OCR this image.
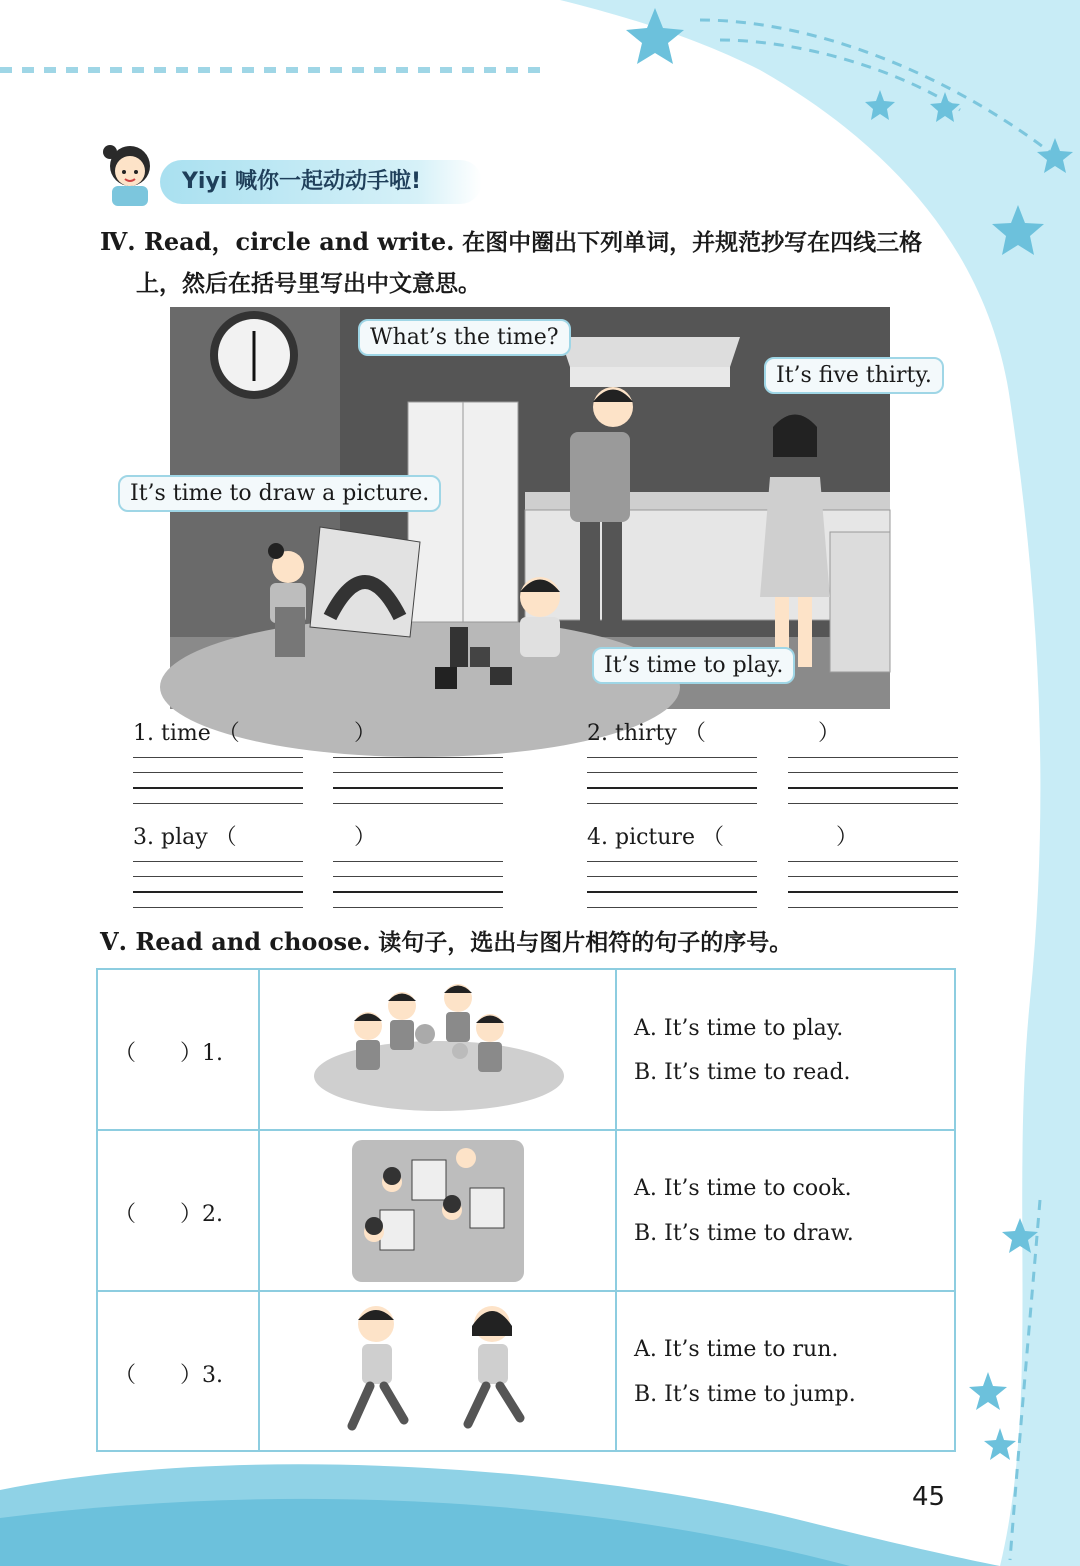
Yiyi 喊你一起动动手啦!
Ⅳ. Read，circle and write. 在图中圈出下列单词，并规范抄写在四线三格
上，然后在括号里写出中文意思。
What’s the time?
It’s five thirty.
It’s time to draw a picture.
It’s time to play.
1. time （	）	2. thirty （	）
3. play （	）	4. picture （	）
Ⅴ. Read and choose. 读句子，选出与图片相符的句子的序号。
（　　）1.
A. It’s time to play.
B. It’s time to read.
（　　）2.
A. It’s time to cook.
B. It’s time to draw.
（　　）3.
A. It’s time to run.
B. It’s time to jump.
45
